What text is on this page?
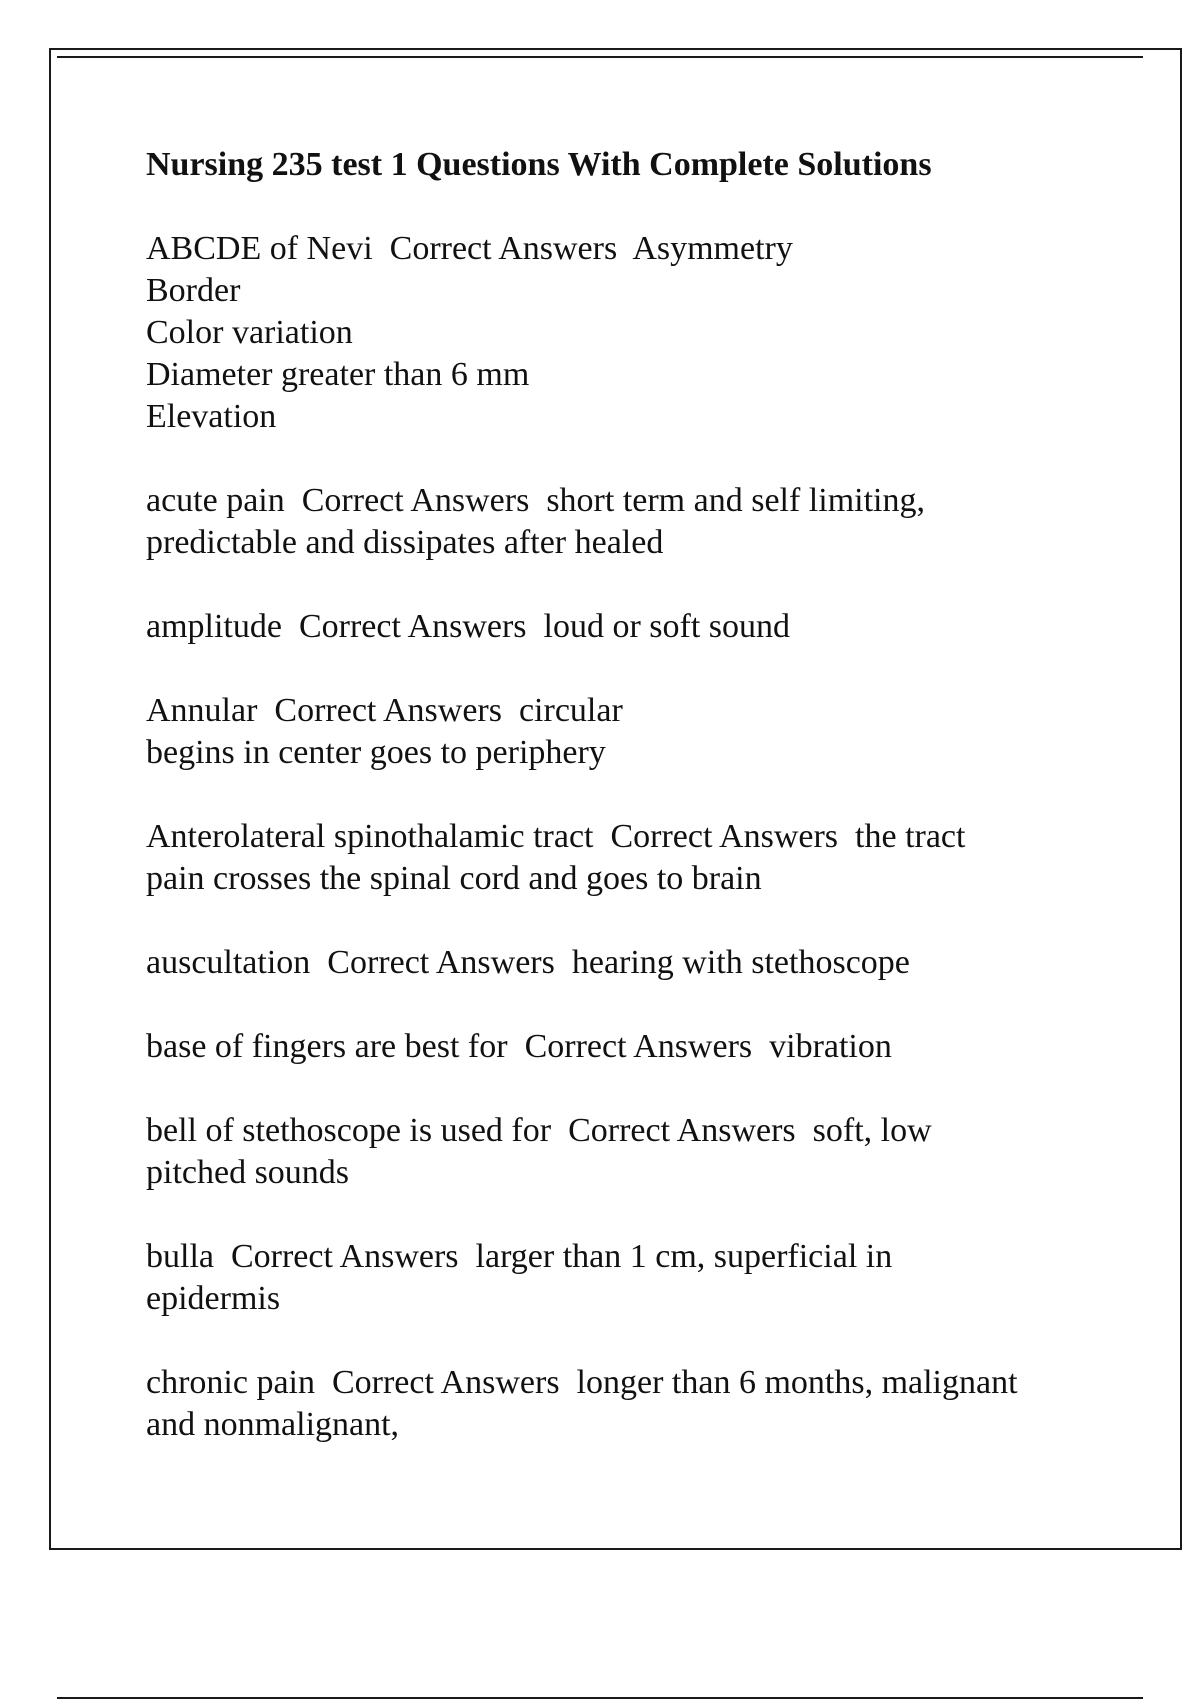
Nursing 235 test 1 Questions With Complete Solutions
ABCDE of Nevi  Correct Answers  Asymmetry
Border
Color variation
Diameter greater than 6 mm
Elevation
acute pain  Correct Answers  short term and self limiting,
predictable and dissipates after healed
amplitude  Correct Answers  loud or soft sound
Annular  Correct Answers  circular
begins in center goes to periphery
Anterolateral spinothalamic tract  Correct Answers  the tract
pain crosses the spinal cord and goes to brain
auscultation  Correct Answers  hearing with stethoscope
base of fingers are best for  Correct Answers  vibration
bell of stethoscope is used for  Correct Answers  soft, low
pitched sounds
bulla  Correct Answers  larger than 1 cm, superficial in
epidermis
chronic pain  Correct Answers  longer than 6 months, malignant
and nonmalignant,
